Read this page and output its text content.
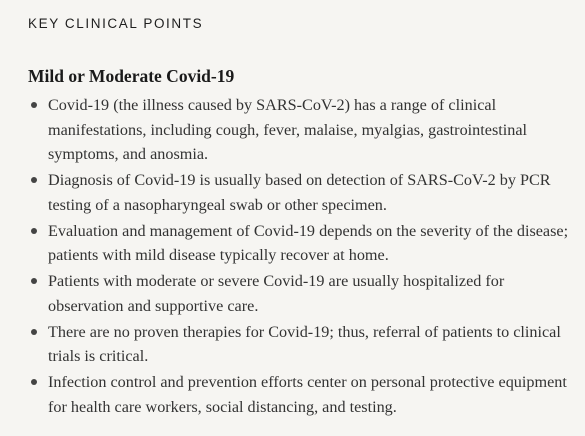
KEY CLINICAL POINTS
Mild or Moderate Covid-19
Covid-19 (the illness caused by SARS-CoV-2) has a range of clinical manifestations, including cough, fever, malaise, myalgias, gastrointestinal symptoms, and anosmia.
Diagnosis of Covid-19 is usually based on detection of SARS-CoV-2 by PCR testing of a nasopharyngeal swab or other specimen.
Evaluation and management of Covid-19 depends on the severity of the disease; patients with mild disease typically recover at home.
Patients with moderate or severe Covid-19 are usually hospitalized for observation and supportive care.
There are no proven therapies for Covid-19; thus, referral of patients to clinical trials is critical.
Infection control and prevention efforts center on personal protective equipment for health care workers, social distancing, and testing.
